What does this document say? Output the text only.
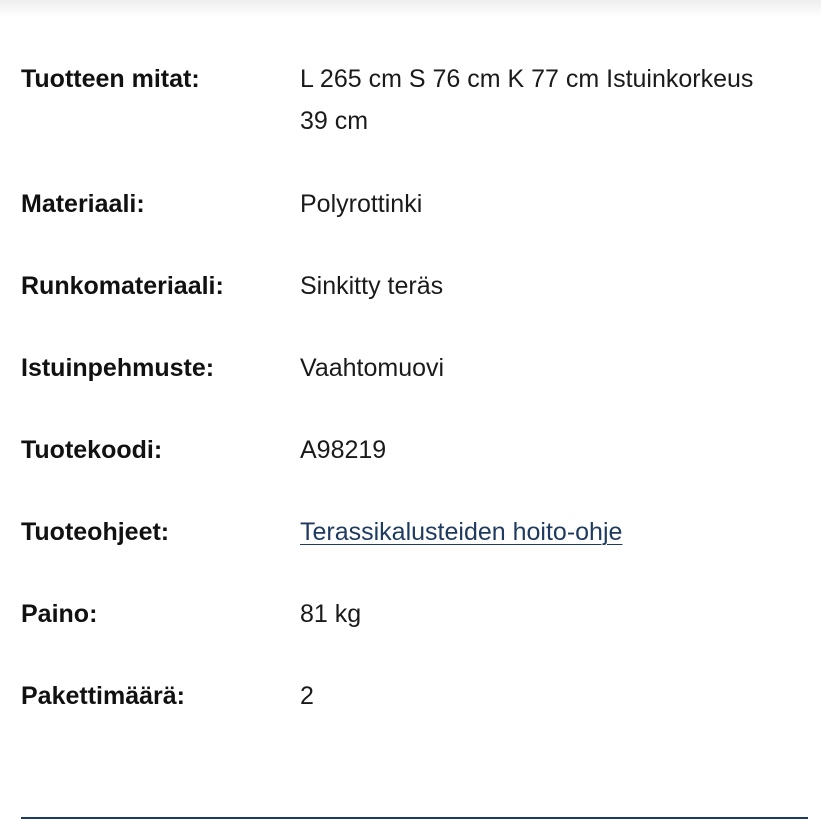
Tuotteen mitat:	L 265 cm S 76 cm K 77 cm Istuinkorkeus 39 cm
Materiaali:	Polyrottinki
Runkomateriaali:	Sinkitty teräs
Istuinpehmuste:	Vaahtomuovi
Tuotekoodi:	A98219
Tuoteohjeet:	Terassikalusteiden hoito-ohje
Paino:	81 kg
Pakettimäärä:	2
